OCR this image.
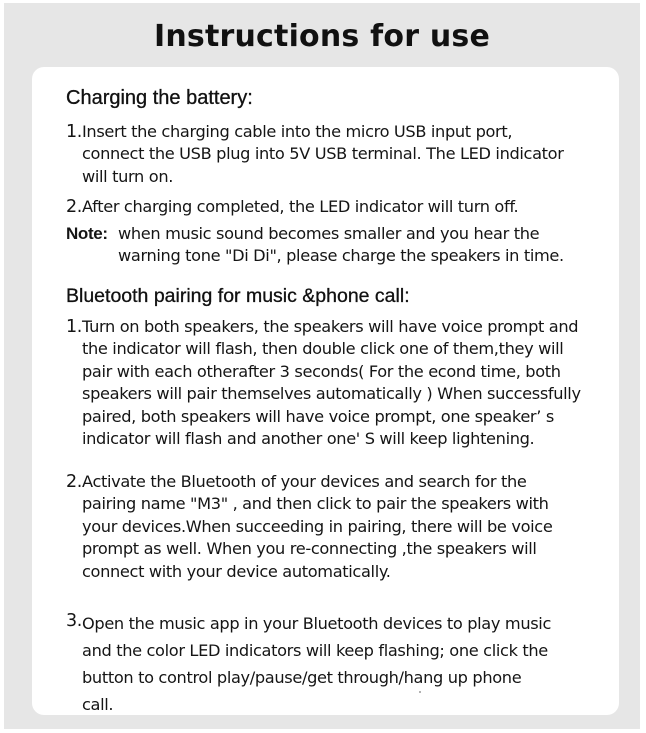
Instructions for use
Charging the battery:
1. Insert the charging cable into the micro USB input port,
connect the USB plug into 5V USB terminal. The LED indicator
will turn on.
2. After charging completed, the LED indicator will turn off.
Note: when music sound becomes smaller and you hear the
warning tone "Di Di", please charge the speakers in time.
Bluetooth pairing for music &phone call:
1. Turn on both speakers, the speakers will have voice prompt and
the indicator will flash, then double click one of them,they will
pair with each otherafter 3 seconds( For the econd time, both
speakers will pair themselves automatically ) When successfully
paired, both speakers will have voice prompt, one speaker’ s
indicator will flash and another one' S will keep lightening.
2. Activate the Bluetooth of your devices and search for the
pairing name "M3" , and then click to pair the speakers with
your devices.When succeeding in pairing, there will be voice
prompt as well. When you re-connecting ,the speakers will
connect with your device automatically.
3. Open the music app in your Bluetooth devices to play music
and the color LED indicators will keep flashing; one click the
button to control play/pause/get through/hang up phone
call.
